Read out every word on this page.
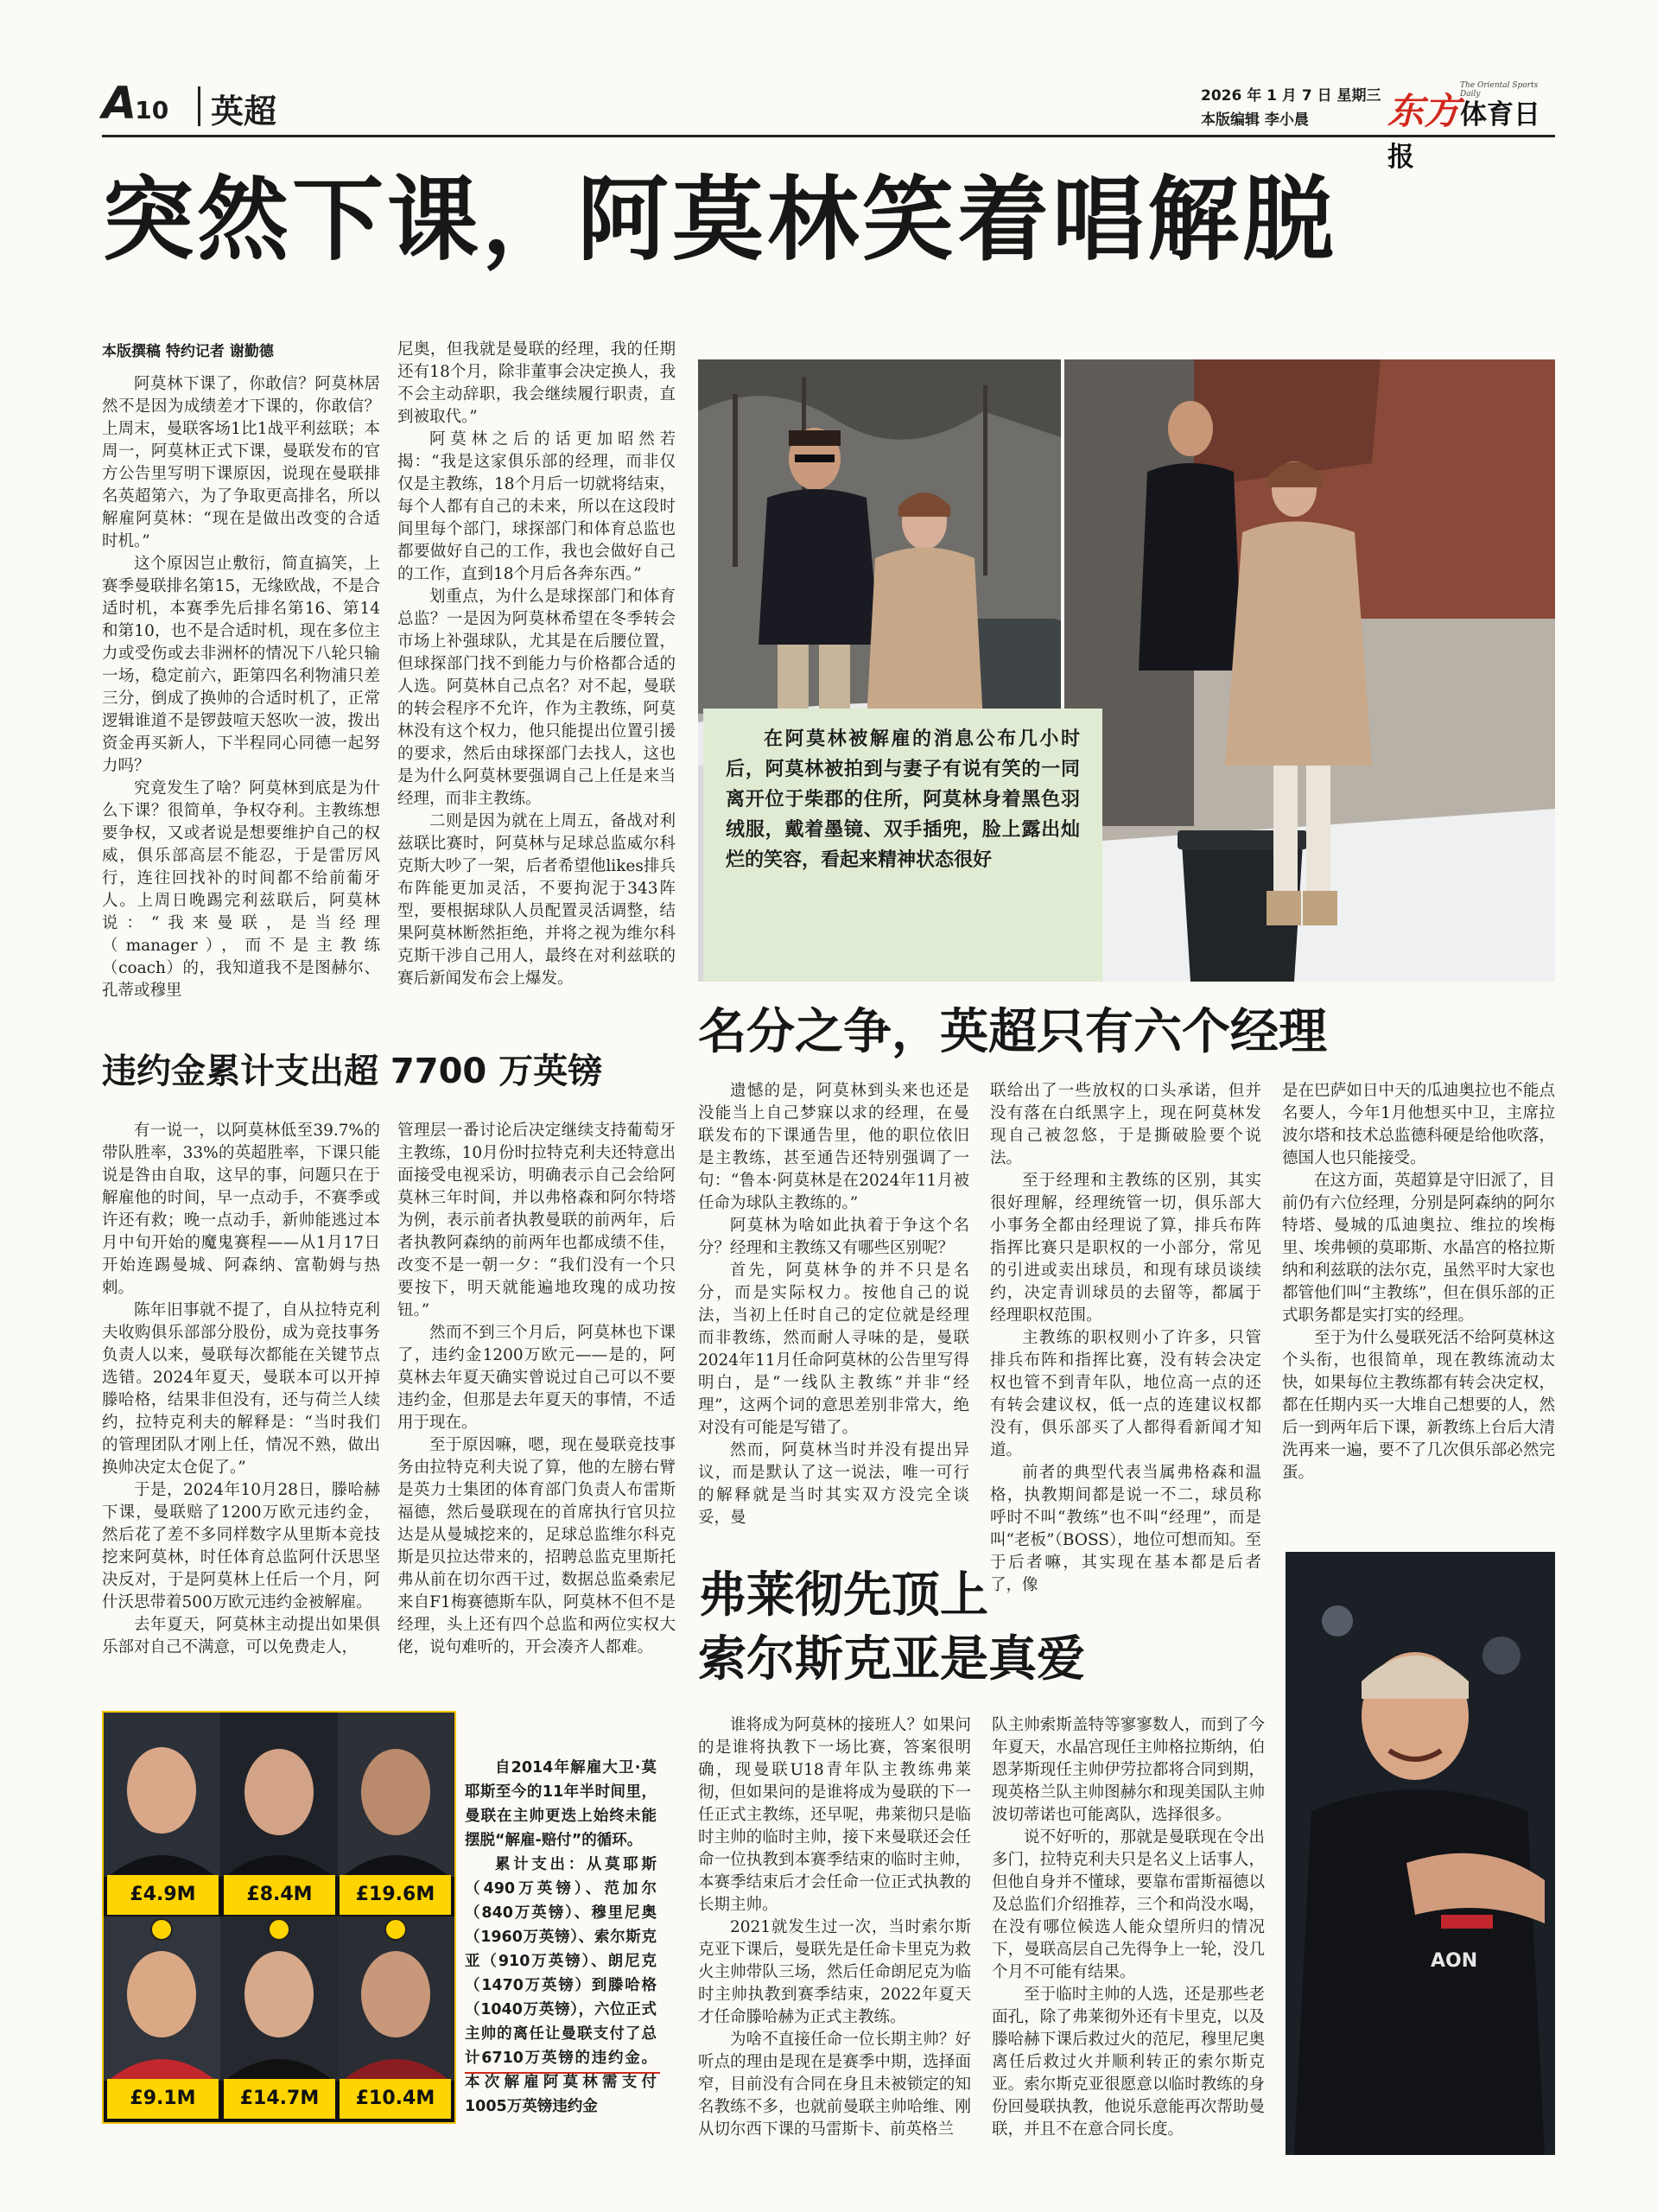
A10 英超	2026 年 1 月 7 日 星期三
本版编辑 李小晨
The Oriental Sports Daily
东方体育日报
突然下课，阿莫林笑着唱解脱
本版撰稿 特约记者 谢勤德

阿莫林下课了，你敢信？阿莫林居然不是因为成绩差才下课的，你敢信？上周末，曼联客场1比1战平利兹联；本周一，阿莫林正式下课，曼联发布的官方公告里写明下课原因，说现在曼联排名英超第六，为了争取更高排名，所以解雇阿莫林：“现在是做出改变的合适时机。”

这个原因岂止敷衍，简直搞笑，上赛季曼联排名第15，无缘欧战，不是合适时机，本赛季先后排名第16、第14和第10，也不是合适时机，现在多位主力或受伤或去非洲杯的情况下八轮只输一场，稳定前六，距第四名利物浦只差三分，倒成了换帅的合适时机了，正常逻辑谁道不是锣鼓喧天怒吹一波，拨出资金再买新人，下半程同心同德一起努力吗？

究竟发生了啥？阿莫林到底是为什么下课？很简单，争权夺利。主教练想要争权，又或者说是想要维护自己的权威，俱乐部高层不能忍，于是雷厉风行，连往回找补的时间都不给前葡牙人。上周日晚踢完利兹联后，阿莫林说：“我来曼联，是当经理（manager），而不是主教练（coach）的，我知道我不是图赫尔、孔蒂或穆里

尼奥，但我就是曼联的经理，我的任期还有18个月，除非董事会决定换人，我不会主动辞职，我会继续履行职责，直到被取代。”

阿莫林之后的话更加昭然若揭：“我是这家俱乐部的经理，而非仅仅是主教练，18个月后一切就将结束，每个人都有自己的未来，所以在这段时间里每个部门，球探部门和体育总监也都要做好自己的工作，我也会做好自己的工作，直到18个月后各奔东西。”

划重点，为什么是球探部门和体育总监？一是因为阿莫林希望在冬季转会市场上补强球队，尤其是在后腰位置，但球探部门找不到能力与价格都合适的人选。阿莫林自己点名？对不起，曼联的转会程序不允许，作为主教练，阿莫林没有这个权力，他只能提出位置引援的要求，然后由球探部门去找人，这也是为什么阿莫林要强调自己上任是来当经理，而非主教练。

二则是因为就在上周五，备战对利兹联比赛时，阿莫林与足球总监威尔科克斯大吵了一架，后者希望他likes排兵布阵能更加灵活，不要拘泥于343阵型，要根据球队人员配置灵活调整，结果阿莫林断然拒绝，并将之视为维尔科克斯干涉自己用人，最终在对利兹联的赛后新闻发布会上爆发。

在阿莫林被解雇的消息公布几小时后，阿莫林被拍到与妻子有说有笑的一同离开位于柴郡的住所，阿莫林身着黑色羽绒服，戴着墨镜、双手插兜，脸上露出灿烂的笑容，看起来精神状态很好

违约金累计支出超 7700 万英镑

有一说一，以阿莫林低至39.7%的带队胜率，33%的英超胜率，下课只能说是咎由自取，这早的事，问题只在于解雇他的时间，早一点动手，不赛季或许还有救；晚一点动手，新帅能逃过本月中旬开始的魔鬼赛程——从1月17日开始连踢曼城、阿森纳、富勒姆与热刺。

陈年旧事就不提了，自从拉特克利夫收购俱乐部部分股份，成为竞技事务负责人以来，曼联每次都能在关键节点选错。2024年夏天，曼联本可以开掉滕哈格，结果非但没有，还与荷兰人续约，拉特克利夫的解释是：“当时我们的管理团队才刚上任，情况不熟，做出换帅决定太仓促了。”

于是，2024年10月28日，滕哈赫下课，曼联赔了1200万欧元违约金，然后花了差不多同样数字从里斯本竞技挖来阿莫林，时任体育总监阿什沃思坚决反对，于是阿莫林上任后一个月，阿什沃思带着500万欧元违约金被解雇。

去年夏天，阿莫林主动提出如果俱乐部对自己不满意，可以免费走人，

管理层一番讨论后决定继续支持葡萄牙主教练，10月份时拉特克利夫还特意出面接受电视采访，明确表示自己会给阿莫林三年时间，并以弗格森和阿尔特塔为例，表示前者执教曼联的前两年，后者执教阿森纳的前两年也都成绩不佳，改变不是一朝一夕：“我们没有一个只要按下，明天就能遍地玫瑰的成功按钮。”

然而不到三个月后，阿莫林也下课了，违约金1200万欧元——是的，阿莫林去年夏天确实曾说过自己可以不要违约金，但那是去年夏天的事情，不适用于现在。

至于原因嘛，嗯，现在曼联竞技事务由拉特克利夫说了算，他的左膀右臂是英力士集团的体育部门负责人布雷斯福德，然后曼联现在的首席执行官贝拉达是从曼城挖来的，足球总监维尔科克斯是贝拉达带来的，招聘总监克里斯托弗从前在切尔西干过，数据总监桑索尼来自F1梅赛德斯车队，阿莫林不但不是经理，头上还有四个总监和两位实权大佬，说句难听的，开会凑齐人都难。

名分之争，英超只有六个经理

遗憾的是，阿莫林到头来也还是没能当上自己梦寐以求的经理，在曼联发布的下课通告里，他的职位依旧是主教练，甚至通告还特别强调了一句：“鲁本·阿莫林是在2024年11月被任命为球队主教练的。”

阿莫林为啥如此执着于争这个名分？经理和主教练又有哪些区别呢？

首先，阿莫林争的并不只是名分，而是实际权力。按他自己的说法，当初上任时自己的定位就是经理而非教练，然而耐人寻味的是，曼联2024年11月任命阿莫林的公告里写得明白，是“一线队主教练”并非“经理”，这两个词的意思差别非常大，绝对没有可能是写错了。

然而，阿莫林当时并没有提出异议，而是默认了这一说法，唯一可行的解释就是当时其实双方没完全谈妥，曼

联给出了一些放权的口头承诺，但并没有落在白纸黑字上，现在阿莫林发现自己被忽悠，于是撕破脸要个说法。

至于经理和主教练的区别，其实很好理解，经理统管一切，俱乐部大小事务全都由经理说了算，排兵布阵指挥比赛只是职权的一小部分，常见的引进或卖出球员，和现有球员谈续约，决定青训球员的去留等，都属于经理职权范围。

主教练的职权则小了许多，只管排兵布阵和指挥比赛，没有转会决定权也管不到青年队，地位高一点的还有转会建议权，低一点的连建议权都没有，俱乐部买了人都得看新闻才知道。

前者的典型代表当属弗格森和温格，执教期间都是说一不二，球员称呼时不叫“教练”也不叫“经理”，而是叫“老板”（BOSS），地位可想而知。至于后者嘛，其实现在基本都是后者了，像

是在巴萨如日中天的瓜迪奥拉也不能点名要人，今年1月他想买中卫，主席拉波尔塔和技术总监德科硬是给他吹落，德国人也只能接受。

在这方面，英超算是守旧派了，目前仍有六位经理，分别是阿森纳的阿尔特塔、曼城的瓜迪奥拉、维拉的埃梅里、埃弗顿的莫耶斯、水晶宫的格拉斯纳和利兹联的法尔克，虽然平时大家也都管他们叫“主教练”，但在俱乐部的正式职务都是实打实的经理。

至于为什么曼联死活不给阿莫林这个头衔，也很简单，现在教练流动太快，如果每位主教练都有转会决定权，都在任期内买一大堆自己想要的人，然后一到两年后下课，新教练上台后大清洗再来一遍，要不了几次俱乐部必然完蛋。

弗莱彻先顶上
索尔斯克亚是真爱

谁将成为阿莫林的接班人？如果问的是谁将执教下一场比赛，答案很明确，现曼联U18青年队主教练弗莱彻，但如果问的是谁将成为曼联的下一任正式主教练，还早呢，弗莱彻只是临时主帅的临时主帅，接下来曼联还会任命一位执教到本赛季结束的临时主帅，本赛季结束后才会任命一位正式执教的长期主帅。

2021就发生过一次，当时索尔斯克亚下课后，曼联先是任命卡里克为救火主帅带队三场，然后任命朗尼克为临时主帅执教到赛季结束，2022年夏天才任命滕哈赫为正式主教练。

为啥不直接任命一位长期主帅？好听点的理由是现在是赛季中期，选择面窄，目前没有合同在身且未被锁定的知名教练不多，也就前曼联主帅哈维、刚从切尔西下课的马雷斯卡、前英格兰

队主帅索斯盖特等寥寥数人，而到了今年夏天，水晶宫现任主帅格拉斯纳，伯恩茅斯现任主帅伊劳拉都将合同到期，现英格兰队主帅图赫尔和现美国队主帅波切蒂诺也可能离队，选择很多。

说不好听的，那就是曼联现在令出多门，拉特克利夫只是名义上话事人，但他自身并不懂球，要靠布雷斯福德以及总监们介绍推荐，三个和尚没水喝，在没有哪位候选人能众望所归的情况下，曼联高层自己先得争上一轮，没几个月不可能有结果。

至于临时主帅的人选，还是那些老面孔，除了弗莱彻外还有卡里克，以及滕哈赫下课后救过火的范尼，穆里尼奥离任后救过火并顺利转正的索尔斯克亚。索尔斯克亚很愿意以临时教练的身份回曼联执教，他说乐意能再次帮助曼联，并且不在意合同长度。

AON
£4.9M	£8.4M	£19.6M
£9.1M	£14.7M	£10.4M

自2014年解雇大卫·莫耶斯至今的11年半时间里，曼联在主帅更迭上始终未能摆脱“解雇-赔付”的循环。

累计支出：从莫耶斯（490万英镑）、范加尔（840万英镑）、穆里尼奥（1960万英镑）、索尔斯克亚（910万英镑）、朗尼克（1470万英镑）到滕哈格（1040万英镑），六位正式主帅的离任让曼联支付了总计6710万英镑的违约金。本次解雇阿莫林需支付1005万英镑违约金
